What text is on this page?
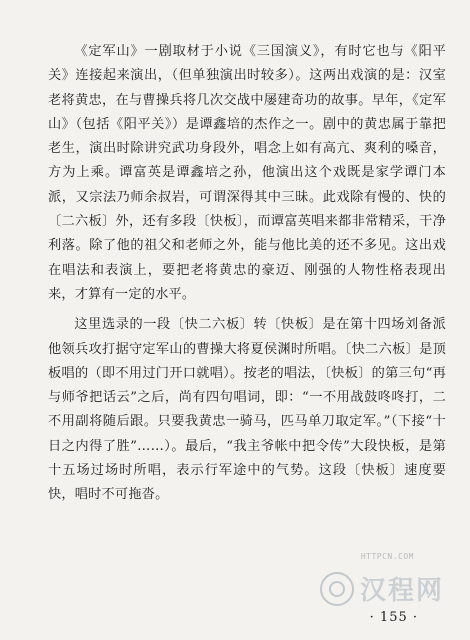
《定军山》一剧取材于小说《三国演义》，有时它也与《阳平关》连接起来演出，（但单独演出时较多）。这两出戏演的是：汉室老将黄忠，在与曹操兵将几次交战中屡建奇功的故事。早年，《定军山》（包括《阳平关》）是谭鑫培的杰作之一。剧中的黄忠属于靠把老生，演出时除讲究武功身段外，唱念上如有高亢、爽利的嗓音，方为上乘。谭富英是谭鑫培之孙，他演出这个戏既是家学谭门本派，又宗法乃师余叔岩，可谓深得其中三昧。此戏除有慢的、快的〔二六板〕外，还有多段〔快板〕，而谭富英唱来都非常精采，干净利落。除了他的祖父和老师之外，能与他比美的还不多见。这出戏在唱法和表演上，要把老将黄忠的豪迈、刚强的人物性格表现出来，才算有一定的水平。

这里选录的一段〔快二六板〕转〔快板〕是在第十四场刘备派他领兵攻打据守定军山的曹操大将夏侯渊时所唱。〔快二六板〕是顶板唱的（即不用过门开口就唱）。按老的唱法，〔快板〕的第三句“再与师爷把话云”之后，尚有四句唱词，即：“一不用战鼓咚咚打，二不用副将随后跟。只要我黄忠一骑马，匹马单刀取定军。”（下接“十日之内得了胜”……）。最后，“我主爷帐中把令传”大段快板，是第十五场过场时所唱，表示行军途中的气势。这段〔快板〕速度要快，唱时不可拖沓。

HTTPCN.COM
汉程网
· 155 ·
